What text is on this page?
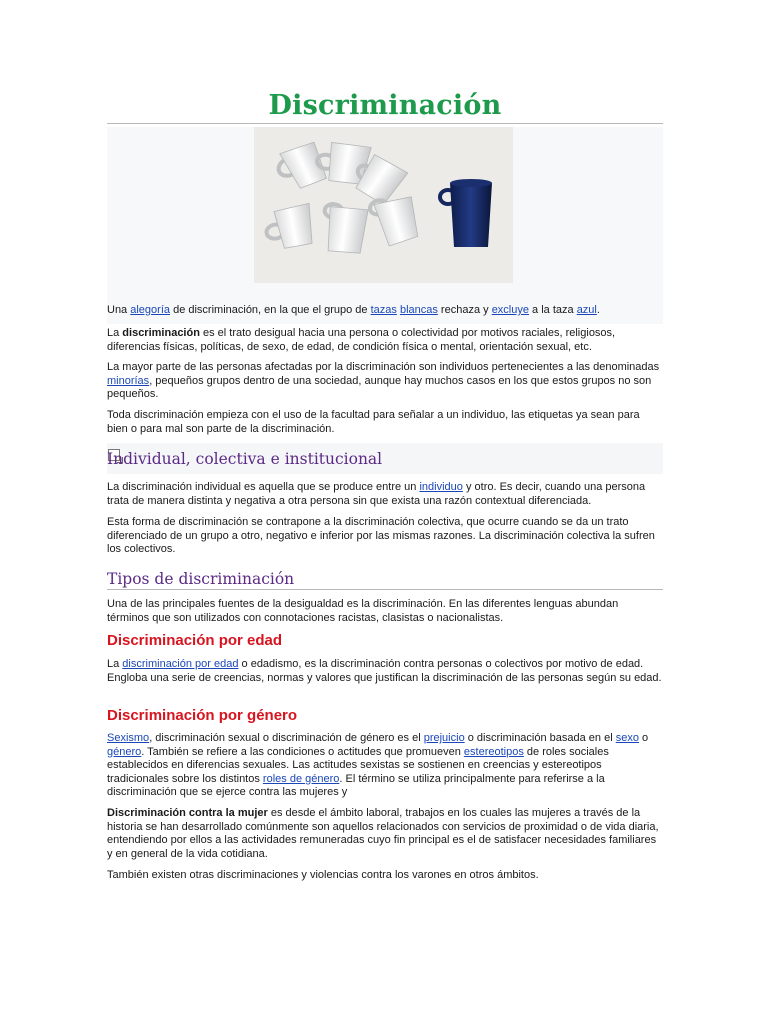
Discriminación
Una alegoría de discriminación, en la que el grupo de tazas blancas rechaza y excluye a la taza azul.

La discriminación es el trato desigual hacia una persona o colectividad por motivos raciales, religiosos, diferencias físicas, políticas, de sexo, de edad, de condición física o mental, orientación sexual, etc.

La mayor parte de las personas afectadas por la discriminación son individuos pertenecientes a las denominadas minorías, pequeños grupos dentro de una sociedad, aunque hay muchos casos en los que estos grupos no son pequeños.

Toda discriminación empieza con el uso de la facultad para señalar a un individuo, las etiquetas ya sean para bien o para mal son parte de la discriminación.

Individual, colectiva e institucional

La discriminación individual es aquella que se produce entre un individuo y otro. Es decir, cuando una persona trata de manera distinta y negativa a otra persona sin que exista una razón contextual diferenciada.

Esta forma de discriminación se contrapone a la discriminación colectiva, que ocurre cuando se da un trato diferenciado de un grupo a otro, negativo e inferior por las mismas razones. La discriminación colectiva la sufren los colectivos.

Tipos de discriminación

Una de las principales fuentes de la desigualdad es la discriminación. En las diferentes lenguas abundan términos que son utilizados con connotaciones racistas, clasistas o nacionalistas.

Discriminación por edad

La discriminación por edad o edadismo, es la discriminación contra personas o colectivos por motivo de edad. Engloba una serie de creencias, normas y valores que justifican la discriminación de las personas según su edad.

Discriminación por género

Sexismo, discriminación sexual o discriminación de género es el prejuicio o discriminación basada en el sexo o género. También se refiere a las condiciones o actitudes que promueven estereotipos de roles sociales establecidos en diferencias sexuales. Las actitudes sexistas se sostienen en creencias y estereotipos tradicionales sobre los distintos roles de género. El término se utiliza principalmente para referirse a la discriminación que se ejerce contra las mujeres y

Discriminación contra la mujer es desde el ámbito laboral, trabajos en los cuales las mujeres a través de la historia se han desarrollado comúnmente son aquellos relacionados con servicios de proximidad o de vida diaria, entendiendo por ellos a las actividades remuneradas cuyo fin principal es el de satisfacer necesidades familiares y en general de la vida cotidiana.

También existen otras discriminaciones y violencias contra los varones en otros ámbitos.
